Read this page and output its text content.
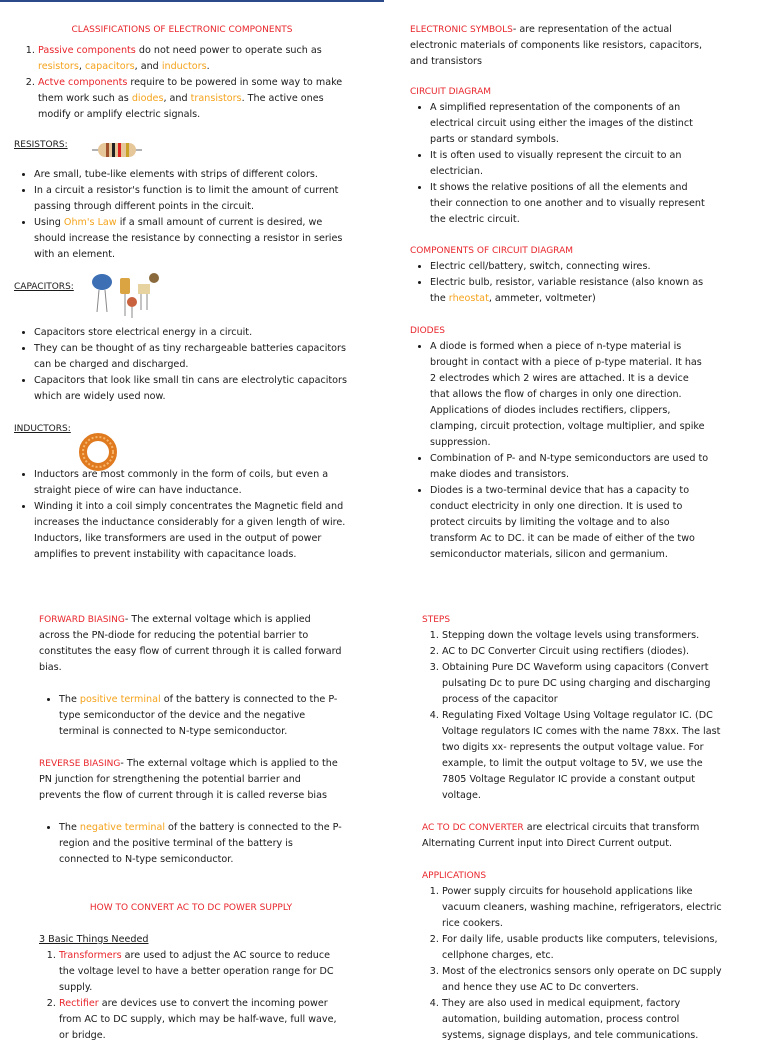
CLASSIFICATIONS OF ELECTRONIC COMPONENTS

1. Passive components do not need power to operate such as resistors, capacitors, and inductors.
2. Actve components require to be powered in some way to make them work such as diodes, and transistors. The active ones modify or amplify electric signals.

RESISTORS:

• Are small, tube-like elements with strips of different colors.
• In a circuit a resistor's function is to limit the amount of current passing through different points in the circuit.
• Using Ohm's Law if a small amount of current is desired, we should increase the resistance by connecting a resistor in series with an element.

CAPACITORS:

• Capacitors store electrical energy in a circuit.
• They can be thought of as tiny rechargeable batteries capacitors can be charged and discharged.
• Capacitors that look like small tin cans are electrolytic capacitors which are widely used now.

INDUCTORS:

• Inductors are most commonly in the form of coils, but even a straight piece of wire can have inductance.
• Winding it into a coil simply concentrates the Magnetic field and increases the inductance considerably for a given length of wire. Inductors, like transformers are used in the output of power amplifies to prevent instability with capacitance loads.

ELECTRONIC SYMBOLS- are representation of the actual electronic materials of components like resistors, capacitors, and transistors

CIRCUIT DIAGRAM

• A simplified representation of the components of an electrical circuit using either the images of the distinct parts or standard symbols.
• It is often used to visually represent the circuit to an electrician.
• It shows the relative positions of all the elements and their connection to one another and to visually represent the electric circuit.

COMPONENTS OF CIRCUIT DIAGRAM

• Electric cell/battery, switch, connecting wires.
• Electric bulb, resistor, variable resistance (also known as the rheostat, ammeter, voltmeter)

DIODES

• A diode is formed when a piece of n-type material is brought in contact with a piece of p-type material. It has 2 electrodes which 2 wires are attached. It is a device that allows the flow of charges in only one direction. Applications of diodes includes rectifiers, clippers, clamping, circuit protection, voltage multiplier, and spike suppression.
• Combination of P- and N-type semiconductors are used to make diodes and transistors.
• Diodes is a two-terminal device that has a capacity to conduct electricity in only one direction. It is used to protect circuits by limiting the voltage and to also transform Ac to DC. it can be made of either of the two semiconductor materials, silicon and germanium.

FORWARD BIASING- The external voltage which is applied across the PN-diode for reducing the potential barrier to constitutes the easy flow of current through it is called forward bias.

• The positive terminal of the battery is connected to the P-type semiconductor of the device and the negative terminal is connected to N-type semiconductor.

REVERSE BIASING- The external voltage which is applied to the PN junction for strengthening the potential barrier and prevents the flow of current through it is called reverse bias

• The negative terminal of the battery is connected to the P-region and the positive terminal of the battery is connected to N-type semiconductor.

HOW TO CONVERT AC TO DC POWER SUPPLY

3 Basic Things Needed

1. Transformers are used to adjust the AC source to reduce the voltage level to have a better operation range for DC supply.
2. Rectifier are devices use to convert the incoming power from AC to DC supply, which may be half-wave, full wave, or bridge.

STEPS

1. Stepping down the voltage levels using transformers.
2. AC to DC Converter Circuit using rectifiers (diodes).
3. Obtaining Pure DC Waveform using capacitors (Convert pulsating Dc to pure DC using charging and discharging process of the capacitor
4. Regulating Fixed Voltage Using Voltage regulator IC. (DC Voltage regulators IC comes with the name 78xx. The last two digits xx- represents the output voltage value. For example, to limit the output voltage to 5V, we use the 7805 Voltage Regulator IC provide a constant output voltage.

AC TO DC CONVERTER are electrical circuits that transform Alternating Current input into Direct Current output.

APPLICATIONS

1. Power supply circuits for household applications like vacuum cleaners, washing machine, refrigerators, electric rice cookers.
2. For daily life, usable products like computers, televisions, cellphone charges, etc.
3. Most of the electronics sensors only operate on DC supply and hence they use AC to Dc converters.
4. They are also used in medical equipment, factory automation, building automation, process control systems, signage displays, and tele communications.
